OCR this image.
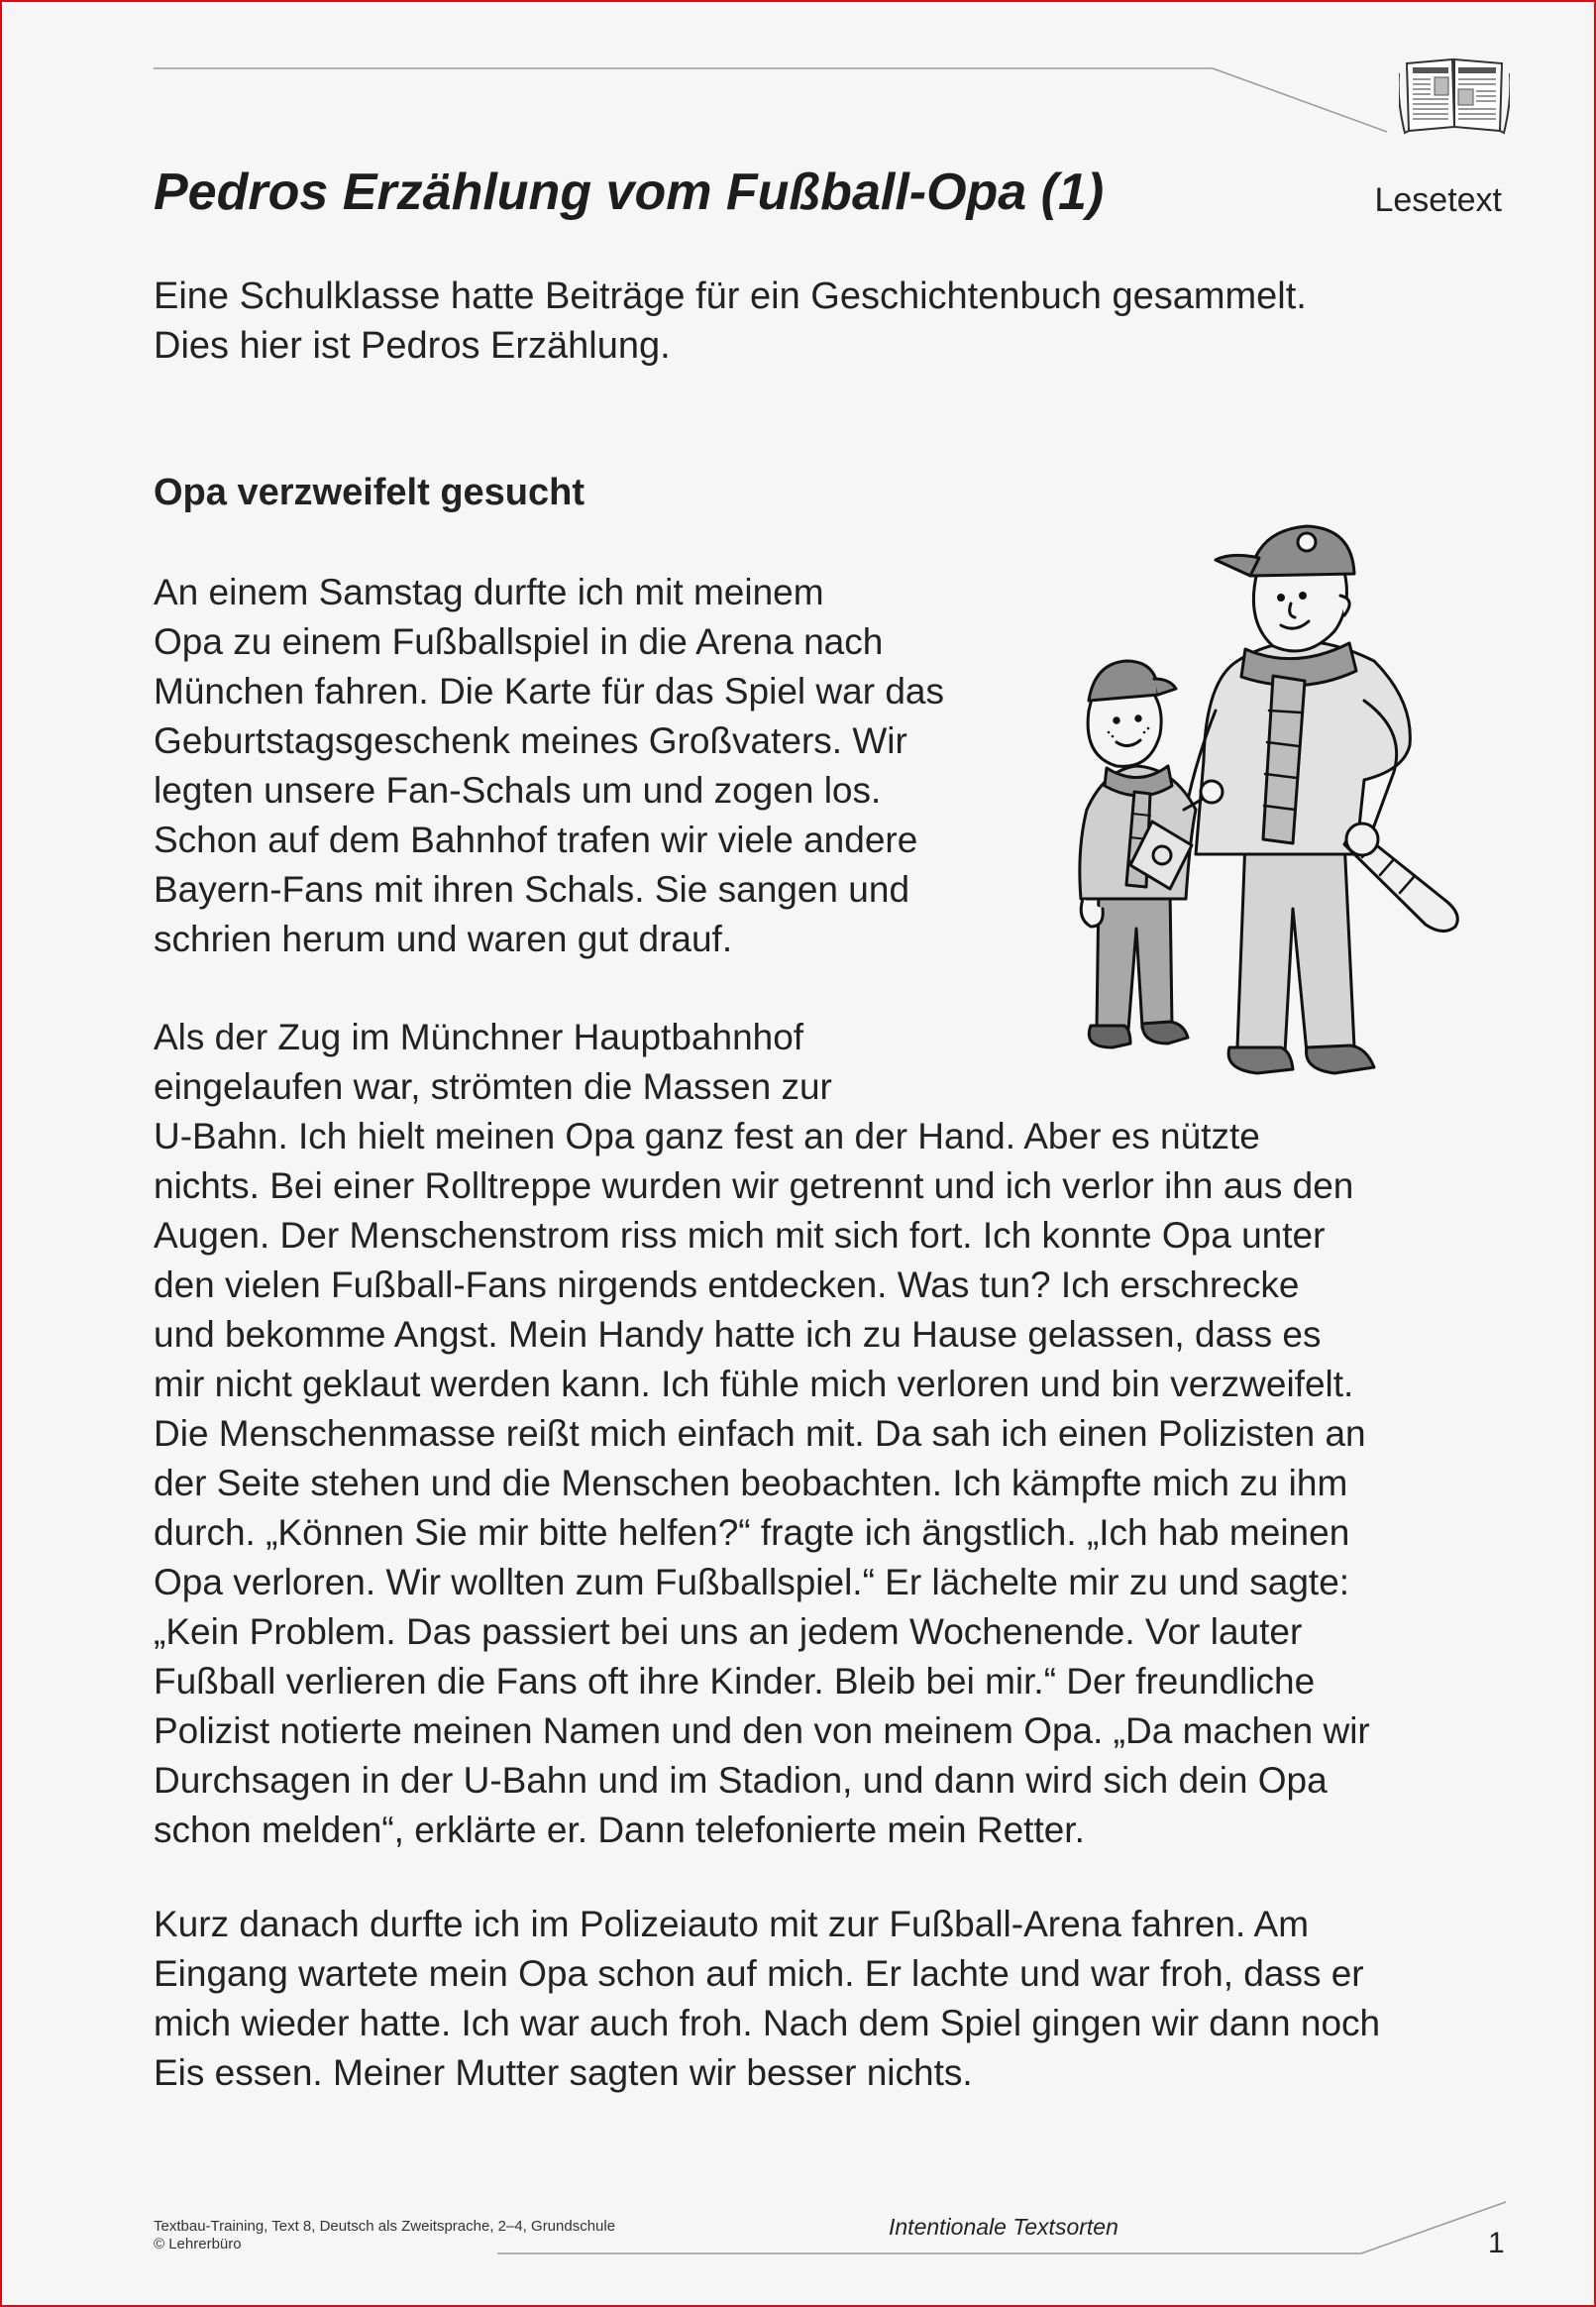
Pedros Erzählung vom Fußball-Opa (1)	Lesetext

Eine Schulklasse hatte Beiträge für ein Geschichtenbuch gesammelt.
Dies hier ist Pedros Erzählung.

Opa verzweifelt gesucht

An einem Samstag durfte ich mit meinem
Opa zu einem Fußballspiel in die Arena nach
München fahren. Die Karte für das Spiel war das
Geburtstagsgeschenk meines Großvaters. Wir
legten unsere Fan-Schals um und zogen los.
Schon auf dem Bahnhof trafen wir viele andere
Bayern-Fans mit ihren Schals. Sie sangen und
schrien herum und waren gut drauf.

Als der Zug im Münchner Hauptbahnhof
eingelaufen war, strömten die Massen zur
U-Bahn. Ich hielt meinen Opa ganz fest an der Hand. Aber es nützte
nichts. Bei einer Rolltreppe wurden wir getrennt und ich verlor ihn aus den
Augen. Der Menschenstrom riss mich mit sich fort. Ich konnte Opa unter
den vielen Fußball-Fans nirgends entdecken. Was tun? Ich erschrecke
und bekomme Angst. Mein Handy hatte ich zu Hause gelassen, dass es
mir nicht geklaut werden kann. Ich fühle mich verloren und bin verzweifelt.
Die Menschenmasse reißt mich einfach mit. Da sah ich einen Polizisten an
der Seite stehen und die Menschen beobachten. Ich kämpfte mich zu ihm
durch. „Können Sie mir bitte helfen?“ fragte ich ängstlich. „Ich hab meinen
Opa verloren. Wir wollten zum Fußballspiel.“ Er lächelte mir zu und sagte:
„Kein Problem. Das passiert bei uns an jedem Wochenende. Vor lauter
Fußball verlieren die Fans oft ihre Kinder. Bleib bei mir.“ Der freundliche
Polizist notierte meinen Namen und den von meinem Opa. „Da machen wir
Durchsagen in der U-Bahn und im Stadion, und dann wird sich dein Opa
schon melden“, erklärte er. Dann telefonierte mein Retter.

Kurz danach durfte ich im Polizeiauto mit zur Fußball-Arena fahren. Am
Eingang wartete mein Opa schon auf mich. Er lachte und war froh, dass er
mich wieder hatte. Ich war auch froh. Nach dem Spiel gingen wir dann noch
Eis essen. Meiner Mutter sagten wir besser nichts.

Textbau-Training, Text 8, Deutsch als Zweitsprache, 2–4, Grundschule
© Lehrerbüro
Intentionale Textsorten	1
